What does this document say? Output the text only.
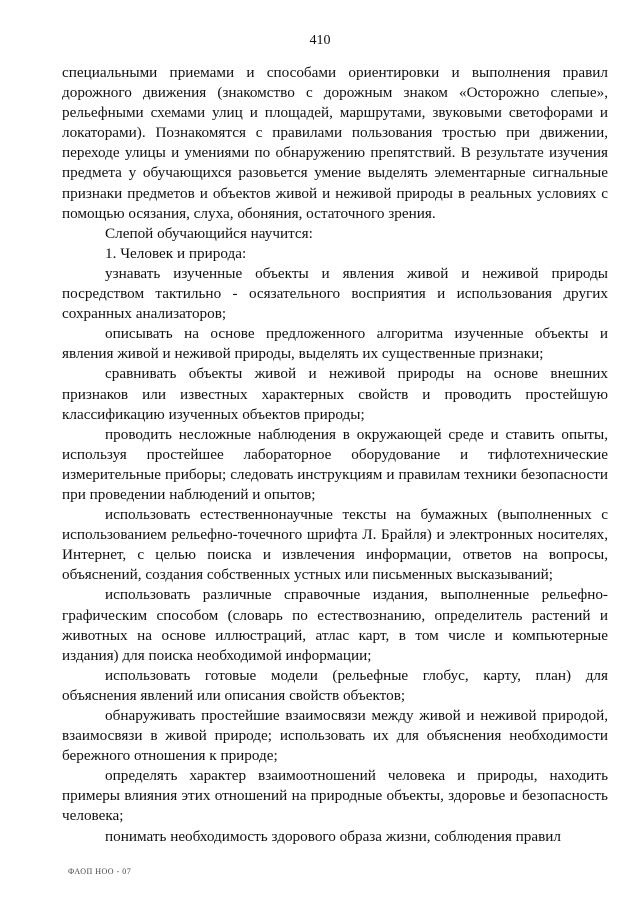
410

специальными приемами и способами ориентировки и выполнения правил дорожного движения (знакомство с дорожным знаком «Осторожно слепые», рельефными схемами улиц и площадей, маршрутами, звуковыми светофорами и локаторами). Познакомятся с правилами пользования тростью при движении, переходе улицы и умениями по обнаружению препятствий. В результате изучения предмета у обучающихся разовьется умение выделять элементарные сигнальные признаки предметов и объектов живой и неживой природы в реальных условиях с помощью осязания, слуха, обоняния, остаточного зрения.

Слепой обучающийся научится:

1. Человек и природа:

узнавать изученные объекты и явления живой и неживой природы посредством тактильно - осязательного восприятия и использования других сохранных анализаторов;

описывать на основе предложенного алгоритма изученные объекты и явления живой и неживой природы, выделять их существенные признаки;

сравнивать объекты живой и неживой природы на основе внешних признаков или известных характерных свойств и проводить простейшую классификацию изученных объектов природы;

проводить несложные наблюдения в окружающей среде и ставить опыты, используя простейшее лабораторное оборудование и тифлотехнические измерительные приборы; следовать инструкциям и правилам техники безопасности при проведении наблюдений и опытов;

использовать естественнонаучные тексты на бумажных (выполненных с использованием рельефно-точечного шрифта Л. Брайля) и электронных носителях, Интернет, с целью поиска и извлечения информации, ответов на вопросы, объяснений, создания собственных устных или письменных высказываний;

использовать различные справочные издания, выполненные рельефно-графическим способом (словарь по естествознанию, определитель растений и животных на основе иллюстраций, атлас карт, в том числе и компьютерные издания) для поиска необходимой информации;

использовать готовые модели (рельефные глобус, карту, план) для объяснения явлений или описания свойств объектов;

обнаруживать простейшие взаимосвязи между живой и неживой природой, взаимосвязи в живой природе; использовать их для объяснения необходимости бережного отношения к природе;

определять характер взаимоотношений человека и природы, находить примеры влияния этих отношений на природные объекты, здоровье и безопасность человека;

понимать необходимость здорового образа жизни, соблюдения правил

ФАОП НОО - 07
